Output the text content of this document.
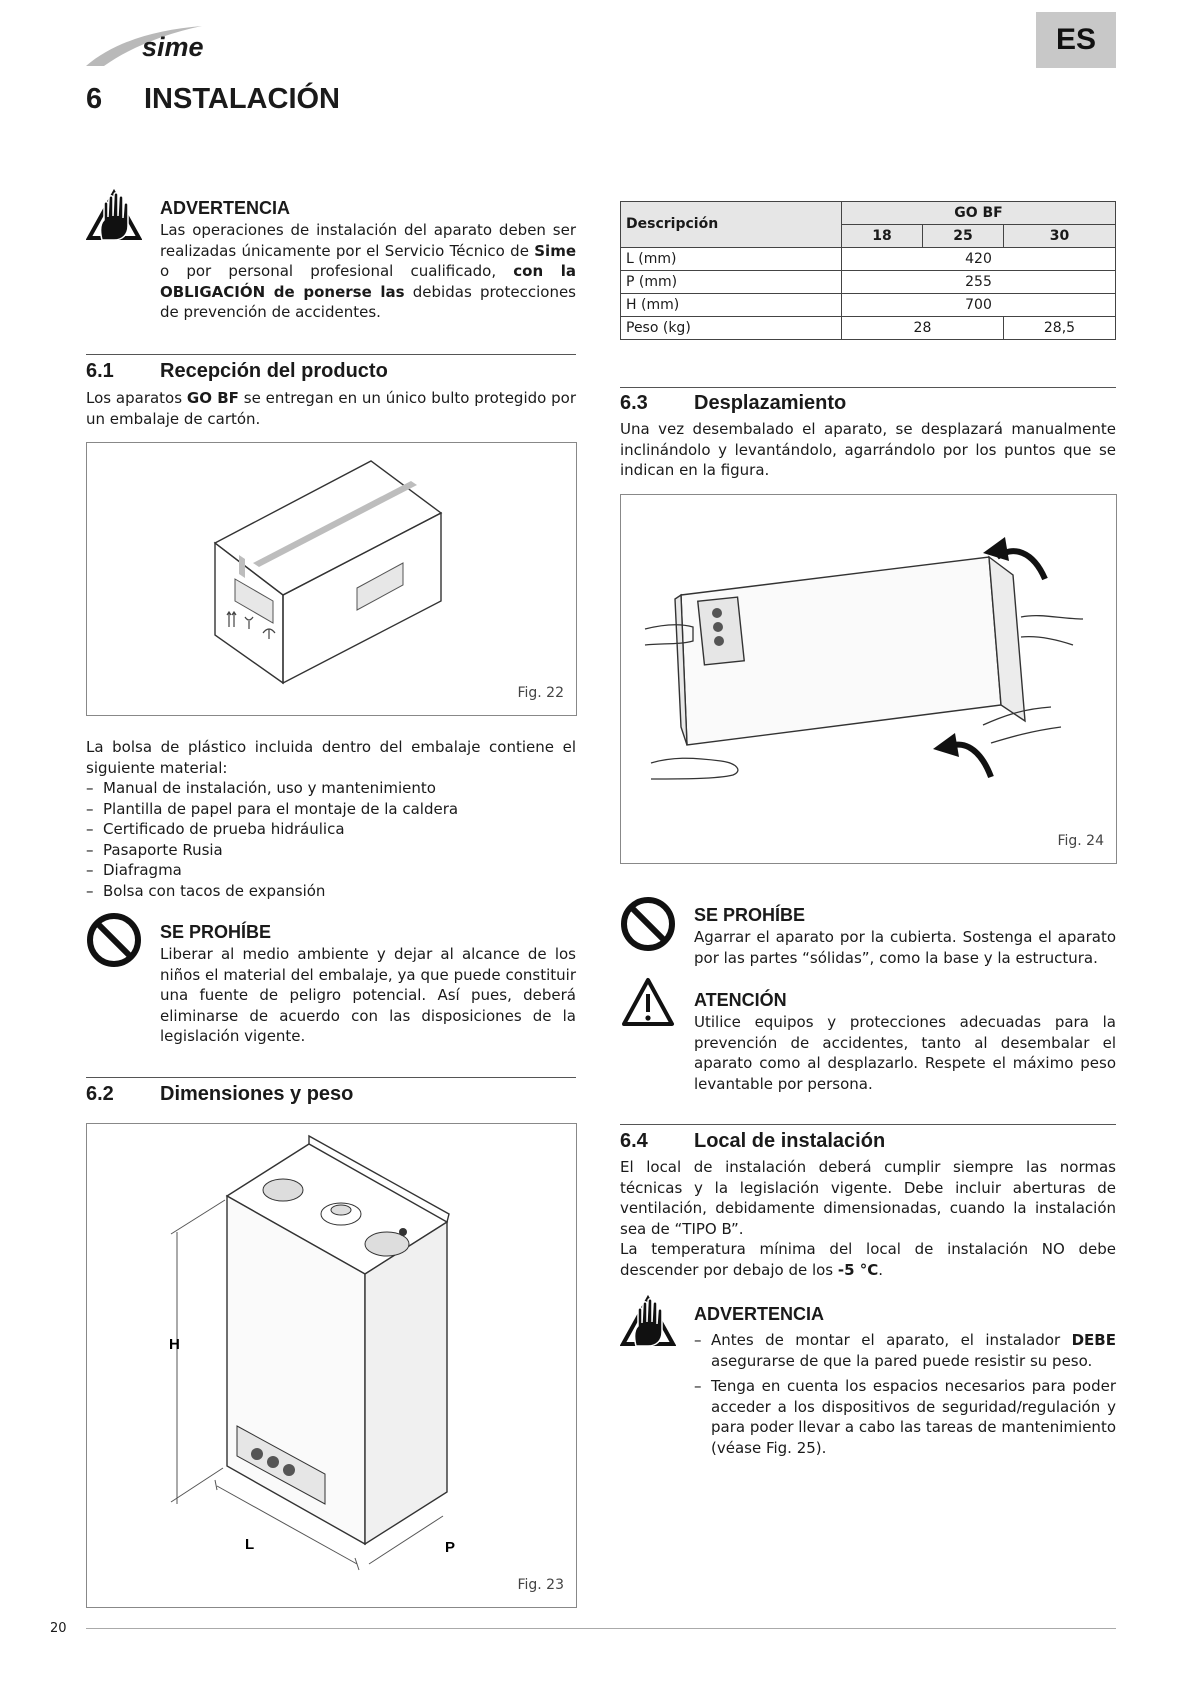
sime	ES
6 INSTALACIÓN
ADVERTENCIA
Las operaciones de instalación del aparato deben ser realizadas únicamente por el Servicio Técnico de Sime o por personal profesional cualificado, con la OBLIGACIÓN de ponerse las debidas protecciones de prevención de accidentes.
6.1 Recepción del producto
Los aparatos GO BF se entregan en un único bulto protegido por un embalaje de cartón.
Fig. 22
La bolsa de plástico incluida dentro del embalaje contiene el siguiente material:
– Manual de instalación, uso y mantenimiento
– Plantilla de papel para el montaje de la caldera
– Certificado de prueba hidráulica
– Pasaporte Rusia
– Diafragma
– Bolsa con tacos de expansión
SE PROHÍBE
Liberar al medio ambiente y dejar al alcance de los niños el material del embalaje, ya que puede constituir una fuente de peligro potencial. Así pues, deberá eliminarse de acuerdo con las disposiciones de la legislación vigente.
6.2 Dimensiones y peso
H
L	P
Fig. 23
Descripción	GO BF		
	18	25	30
L (mm)	420		
P (mm)	255		
H (mm)	700		
Peso (kg)	28		28,5
6.3 Desplazamiento
Una vez desembalado el aparato, se desplazará manualmente inclinándolo y levantándolo, agarrándolo por los puntos que se indican en la figura.
Fig. 24
SE PROHÍBE
Agarrar el aparato por la cubierta. Sostenga el aparato por las partes “sólidas”, como la base y la estructura.
ATENCIÓN
Utilice equipos y protecciones adecuadas para la prevención de accidentes, tanto al desembalar el aparato como al desplazarlo. Respete el máximo peso levantable por persona.
6.4 Local de instalación
El local de instalación deberá cumplir siempre las normas técnicas y la legislación vigente. Debe incluir aberturas de ventilación, debidamente dimensionadas, cuando la instalación sea de “TIPO B”.
La temperatura mínima del local de instalación NO debe descender por debajo de los -5 °C.
ADVERTENCIA
– Antes de montar el aparato, el instalador DEBE asegurarse de que la pared puede resistir su peso.
– Tenga en cuenta los espacios necesarios para poder acceder a los dispositivos de seguridad/regulación y para poder llevar a cabo las tareas de mantenimiento (véase Fig. 25).
20
